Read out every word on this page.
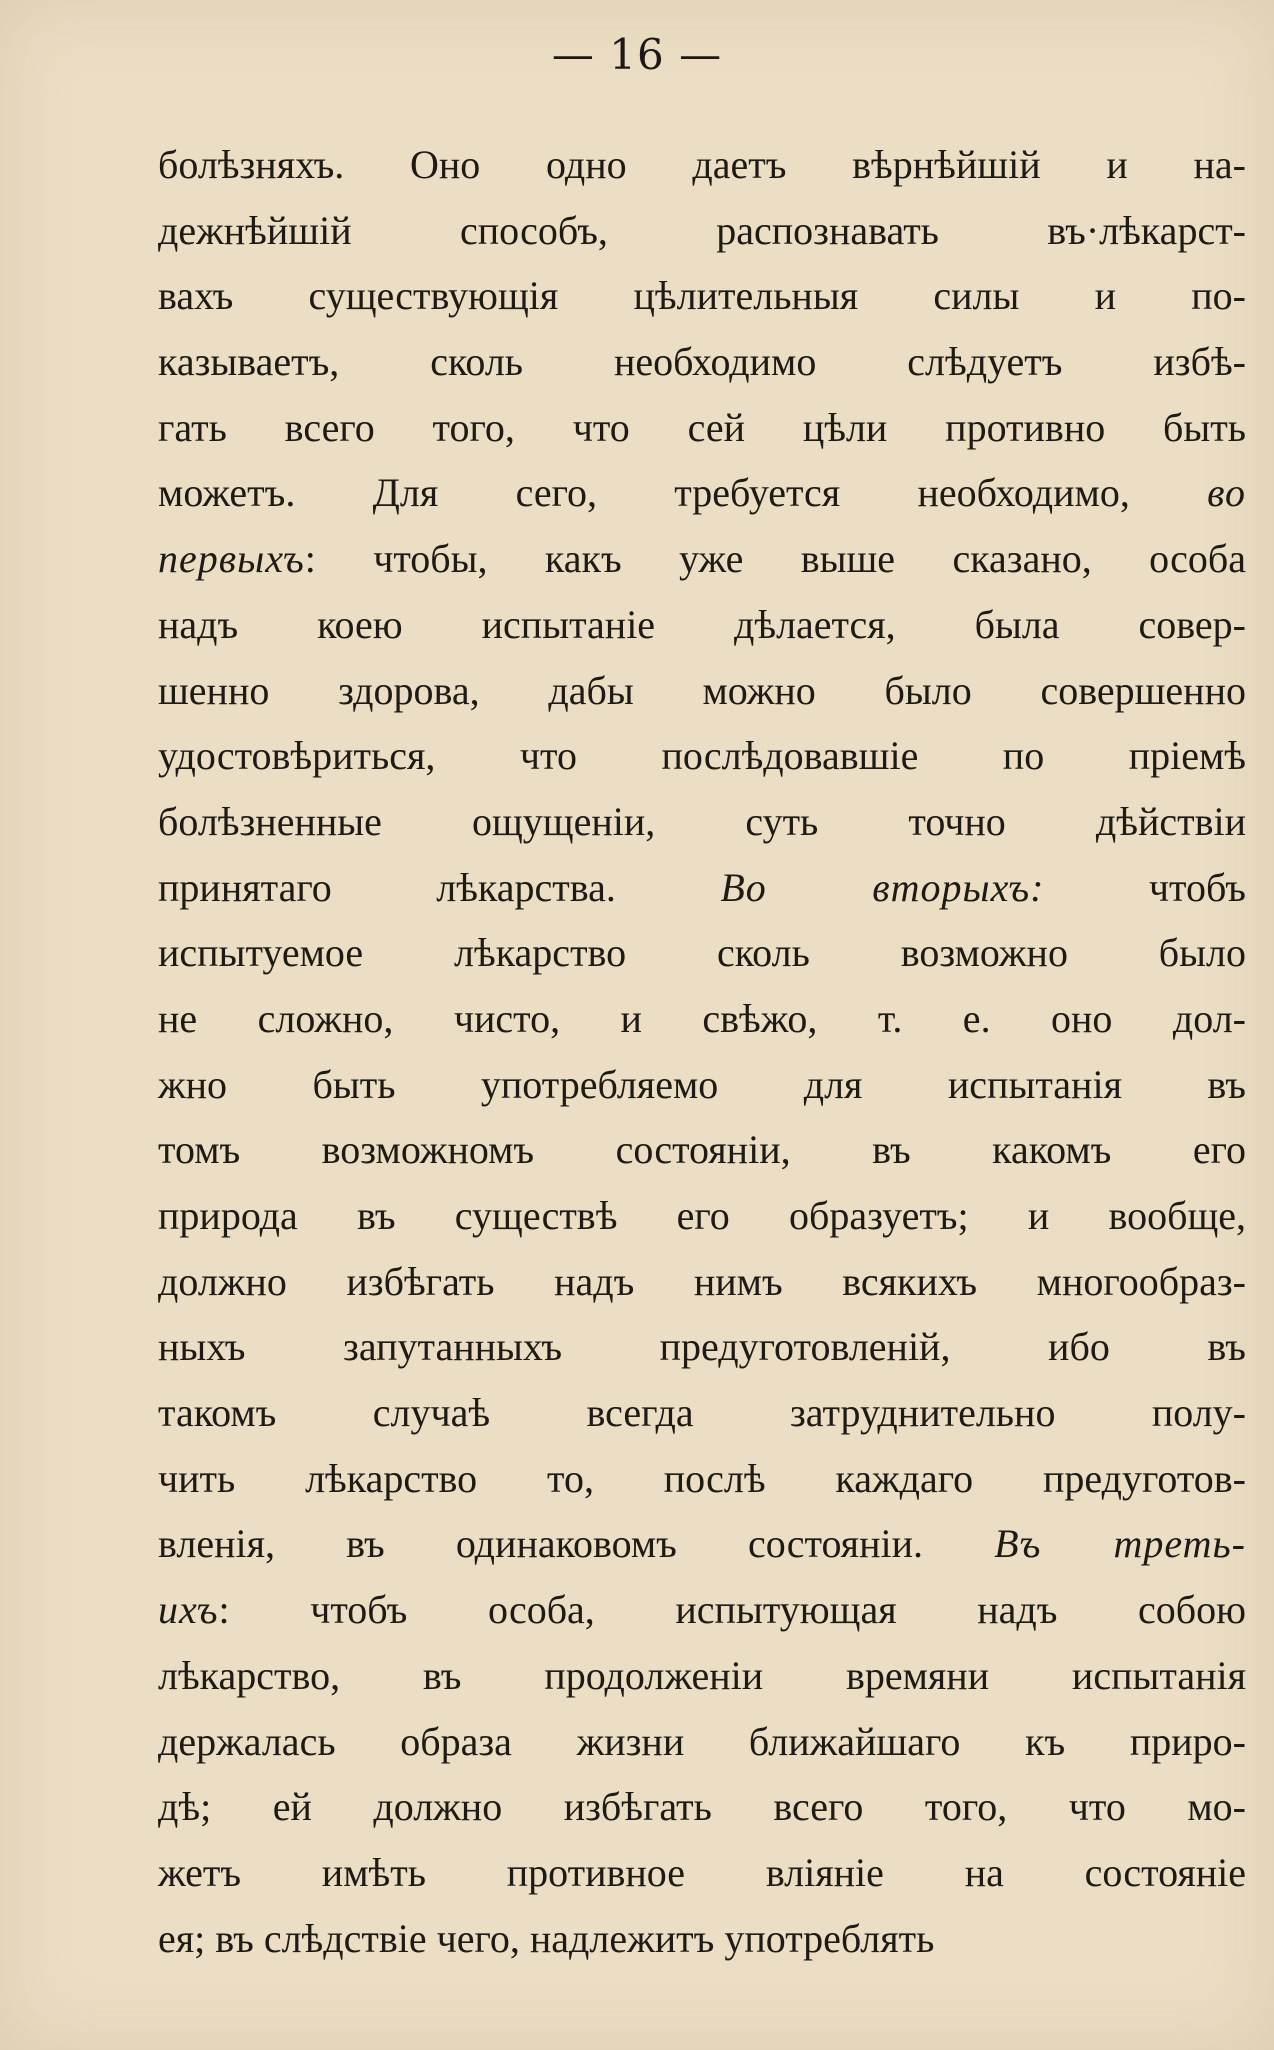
— 16 —
болѣзняхъ. Оно одно даетъ вѣрнѣйшій и на-
дежнѣйшій способъ, распознавать въ·лѣкарст-
вахъ существующія цѣлительныя силы и по-
казываетъ, сколь необходимо слѣдуетъ избѣ-
гать всего того, что сей цѣли противно быть
можетъ. Для сего, требуется необходимо, во
первыхъ: чтобы, какъ уже выше сказано, особа
надъ коею испытаніе дѣлается, была совер-
шенно здорова, дабы можно было совершенно
удостовѣриться, что послѣдовавшіе по пріемѣ
болѣзненные ощущеніи, суть точно дѣйствіи
принятаго лѣкарства. Во вторыхъ: чтобъ
испытуемое лѣкарство сколь возможно было
не сложно, чисто, и свѣжо, т. е. оно дол-
жно быть употребляемо для испытанія въ
томъ возможномъ состояніи, въ какомъ его
природа въ существѣ его образуетъ; и вообще,
должно избѣгать надъ нимъ всякихъ многообраз-
ныхъ запутанныхъ предуготовленій, ибо въ
такомъ случаѣ всегда затруднительно полу-
чить лѣкарство то, послѣ каждаго предуготов-
вленія, въ одинаковомъ состояніи. Въ треть-
ихъ: чтобъ особа, испытующая надъ собою
лѣкарство, въ продолженіи времяни испытанія
держалась образа жизни ближайшаго къ приро-
дѣ; ей должно избѣгать всего того, что мо-
жетъ имѣть противное вліяніе на состояніе
ея; въ слѣдствіе чего, надлежитъ употреблять
